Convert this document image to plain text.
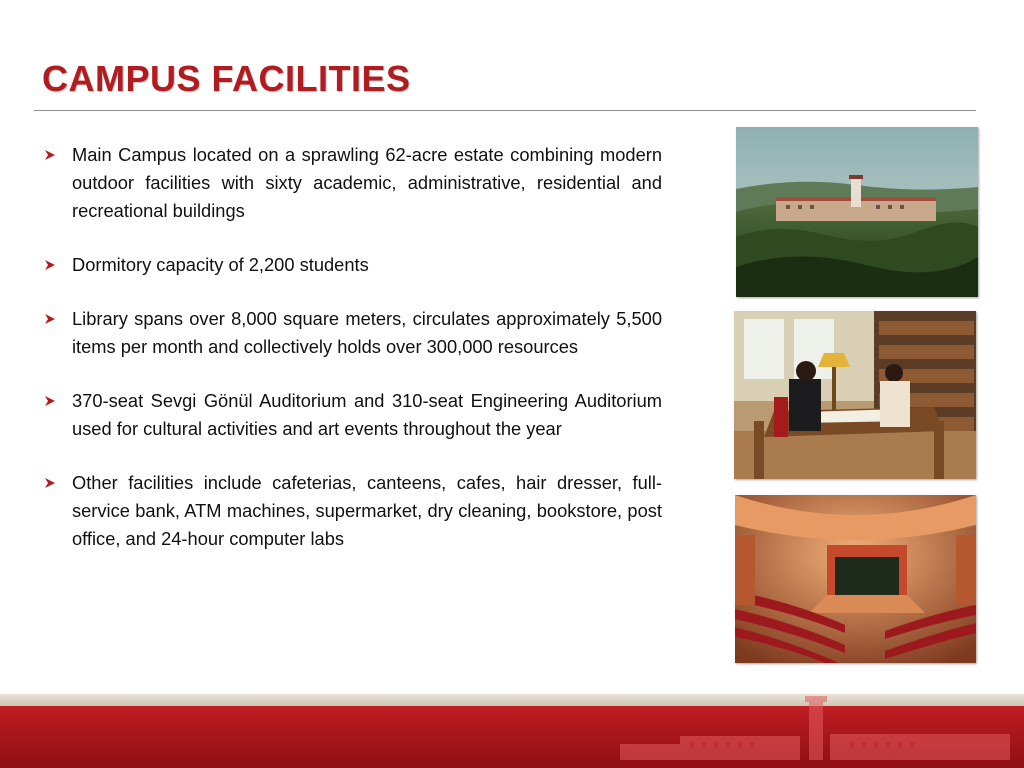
CAMPUS FACILITIES
Main Campus located on a sprawling 62-acre estate combining modern outdoor facilities with sixty academic, administrative, residential and recreational buildings
Dormitory capacity of 2,200 students
Library spans over 8,000 square meters, circulates approximately 5,500 items per month and collectively holds over 300,000 resources
370-seat Sevgi Gönül Auditorium and 310-seat Engineering Auditorium used for cultural activities and art events throughout the year
Other facilities include cafeterias, canteens, cafes, hair dresser, full-service bank, ATM machines, supermarket, dry cleaning, bookstore, post office, and 24-hour computer labs
